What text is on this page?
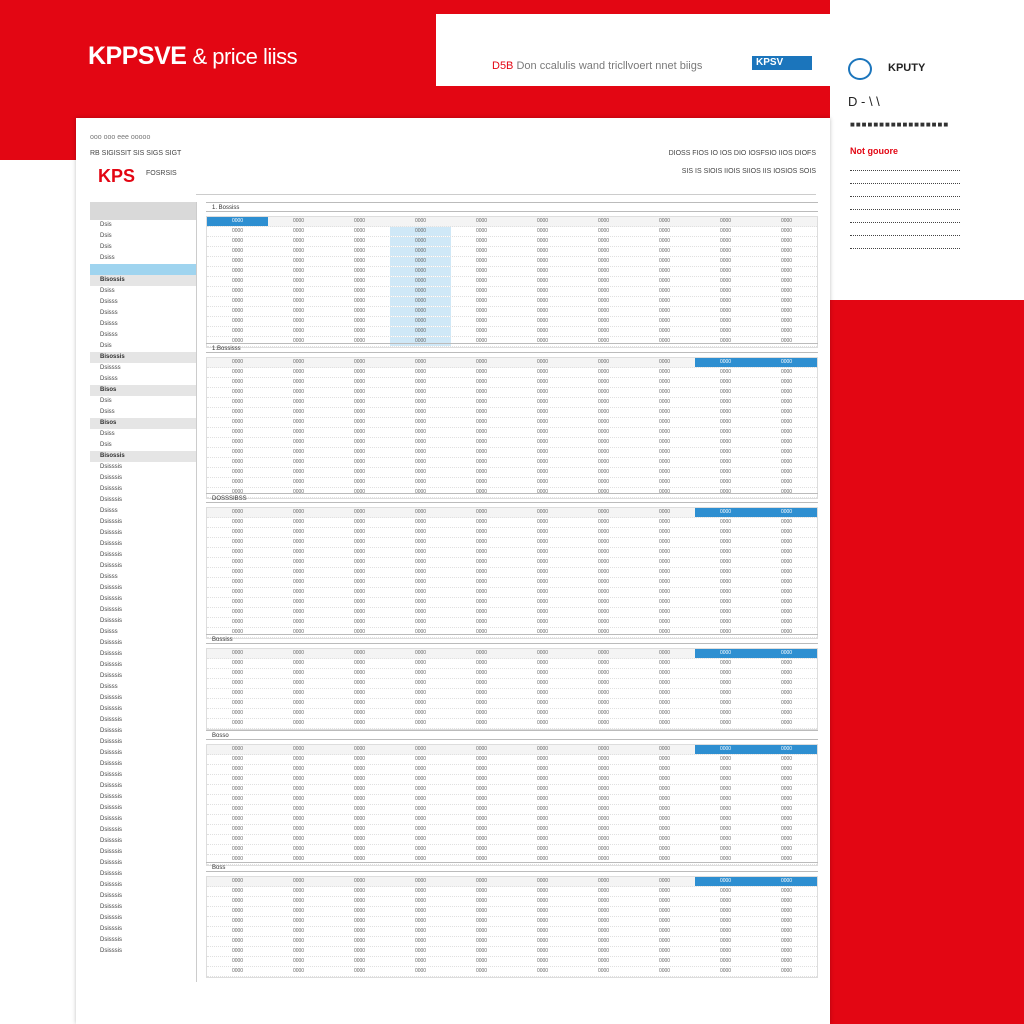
KPPSVE & price liiss	D5B Don ccalulis wand tricllvoert nnet biigs	KPSV	KPUTY
D - \ \
■■■■■■■■■■■■■■■■■
Not gouore
ooo ooo eee ooooo
RB SIGISSIT SIS SIGS SIGT	DIOSS FIOS IO IOS DIO IOSFSIO IIOS DIOFS
KPS FOSRSIS	SIS IS SIOIS IIOIS SIIOS IIS IOSIOS SOIS
Dsis
Dsis
Dsis
Dsiss
Bisossis
Dsiss
Dsisss
Dsisss
Dsisss
Dsisss
Dsis
Bisossis
Dsissss
Dsisss
Bisos
Dsis
Dsiss
Bisos
Dsiss
Dsis
Bisossis
Dsisssis
Dsisssis
Dsisssis
Dsisssis
Dsisss
Dsisssis
Dsisssis
Dsisssis
Dsisssis
Dsisssis
Dsisss
Dsisssis
Dsisssis
Dsisssis
Dsisssis
Dsisss
Dsisssis
Dsisssis
Dsisssis
Dsisssis
Dsisss
Dsisssis
Dsisssis
Dsisssis
Dsisssis
Dsisssis
Dsisssis
Dsisssis
Dsisssis
Dsisssis
Dsisssis
Dsisssis
Dsisssis
Dsisssis
Dsisssis
Dsisssis
Dsisssis
Dsisssis
Dsisssis
Dsisssis
Dsisssis
Dsisssis
Dsisssis
Dsisssis
Dsisssis
1. Bossiss
0000	0000	0000	0000	0000	0000	0000	0000	0000	0000
0000	0000	0000	0000	0000	0000	0000	0000	0000	0000
0000	0000	0000	0000	0000	0000	0000	0000	0000	0000
0000	0000	0000	0000	0000	0000	0000	0000	0000	0000
0000	0000	0000	0000	0000	0000	0000	0000	0000	0000
0000	0000	0000	0000	0000	0000	0000	0000	0000	0000
0000	0000	0000	0000	0000	0000	0000	0000	0000	0000
0000	0000	0000	0000	0000	0000	0000	0000	0000	0000
0000	0000	0000	0000	0000	0000	0000	0000	0000	0000
0000	0000	0000	0000	0000	0000	0000	0000	0000	0000
0000	0000	0000	0000	0000	0000	0000	0000	0000	0000
0000	0000	0000	0000	0000	0000	0000	0000	0000	0000
0000	0000	0000	0000	0000	0000	0000	0000	0000	0000
1.Bossisss
0000	0000	0000	0000	0000	0000	0000	0000	0000	0000
0000	0000	0000	0000	0000	0000	0000	0000	0000	0000
0000	0000	0000	0000	0000	0000	0000	0000	0000	0000
0000	0000	0000	0000	0000	0000	0000	0000	0000	0000
0000	0000	0000	0000	0000	0000	0000	0000	0000	0000
0000	0000	0000	0000	0000	0000	0000	0000	0000	0000
0000	0000	0000	0000	0000	0000	0000	0000	0000	0000
0000	0000	0000	0000	0000	0000	0000	0000	0000	0000
0000	0000	0000	0000	0000	0000	0000	0000	0000	0000
0000	0000	0000	0000	0000	0000	0000	0000	0000	0000
0000	0000	0000	0000	0000	0000	0000	0000	0000	0000
0000	0000	0000	0000	0000	0000	0000	0000	0000	0000
0000	0000	0000	0000	0000	0000	0000	0000	0000	0000
0000	0000	0000	0000	0000	0000	0000	0000	0000	0000
DOSSSIBSS
0000	0000	0000	0000	0000	0000	0000	0000	0000	0000
0000	0000	0000	0000	0000	0000	0000	0000	0000	0000
0000	0000	0000	0000	0000	0000	0000	0000	0000	0000
0000	0000	0000	0000	0000	0000	0000	0000	0000	0000
0000	0000	0000	0000	0000	0000	0000	0000	0000	0000
0000	0000	0000	0000	0000	0000	0000	0000	0000	0000
0000	0000	0000	0000	0000	0000	0000	0000	0000	0000
0000	0000	0000	0000	0000	0000	0000	0000	0000	0000
0000	0000	0000	0000	0000	0000	0000	0000	0000	0000
0000	0000	0000	0000	0000	0000	0000	0000	0000	0000
0000	0000	0000	0000	0000	0000	0000	0000	0000	0000
0000	0000	0000	0000	0000	0000	0000	0000	0000	0000
0000	0000	0000	0000	0000	0000	0000	0000	0000	0000
Bossiss
0000	0000	0000	0000	0000	0000	0000	0000	0000	0000
0000	0000	0000	0000	0000	0000	0000	0000	0000	0000
0000	0000	0000	0000	0000	0000	0000	0000	0000	0000
0000	0000	0000	0000	0000	0000	0000	0000	0000	0000
0000	0000	0000	0000	0000	0000	0000	0000	0000	0000
0000	0000	0000	0000	0000	0000	0000	0000	0000	0000
0000	0000	0000	0000	0000	0000	0000	0000	0000	0000
0000	0000	0000	0000	0000	0000	0000	0000	0000	0000
Bosso
0000	0000	0000	0000	0000	0000	0000	0000	0000	0000
0000	0000	0000	0000	0000	0000	0000	0000	0000	0000
0000	0000	0000	0000	0000	0000	0000	0000	0000	0000
0000	0000	0000	0000	0000	0000	0000	0000	0000	0000
0000	0000	0000	0000	0000	0000	0000	0000	0000	0000
0000	0000	0000	0000	0000	0000	0000	0000	0000	0000
0000	0000	0000	0000	0000	0000	0000	0000	0000	0000
0000	0000	0000	0000	0000	0000	0000	0000	0000	0000
0000	0000	0000	0000	0000	0000	0000	0000	0000	0000
0000	0000	0000	0000	0000	0000	0000	0000	0000	0000
0000	0000	0000	0000	0000	0000	0000	0000	0000	0000
0000	0000	0000	0000	0000	0000	0000	0000	0000	0000
Boss
0000	0000	0000	0000	0000	0000	0000	0000	0000	0000
0000	0000	0000	0000	0000	0000	0000	0000	0000	0000
0000	0000	0000	0000	0000	0000	0000	0000	0000	0000
0000	0000	0000	0000	0000	0000	0000	0000	0000	0000
0000	0000	0000	0000	0000	0000	0000	0000	0000	0000
0000	0000	0000	0000	0000	0000	0000	0000	0000	0000
0000	0000	0000	0000	0000	0000	0000	0000	0000	0000
0000	0000	0000	0000	0000	0000	0000	0000	0000	0000
0000	0000	0000	0000	0000	0000	0000	0000	0000	0000
0000	0000	0000	0000	0000	0000	0000	0000	0000	0000
